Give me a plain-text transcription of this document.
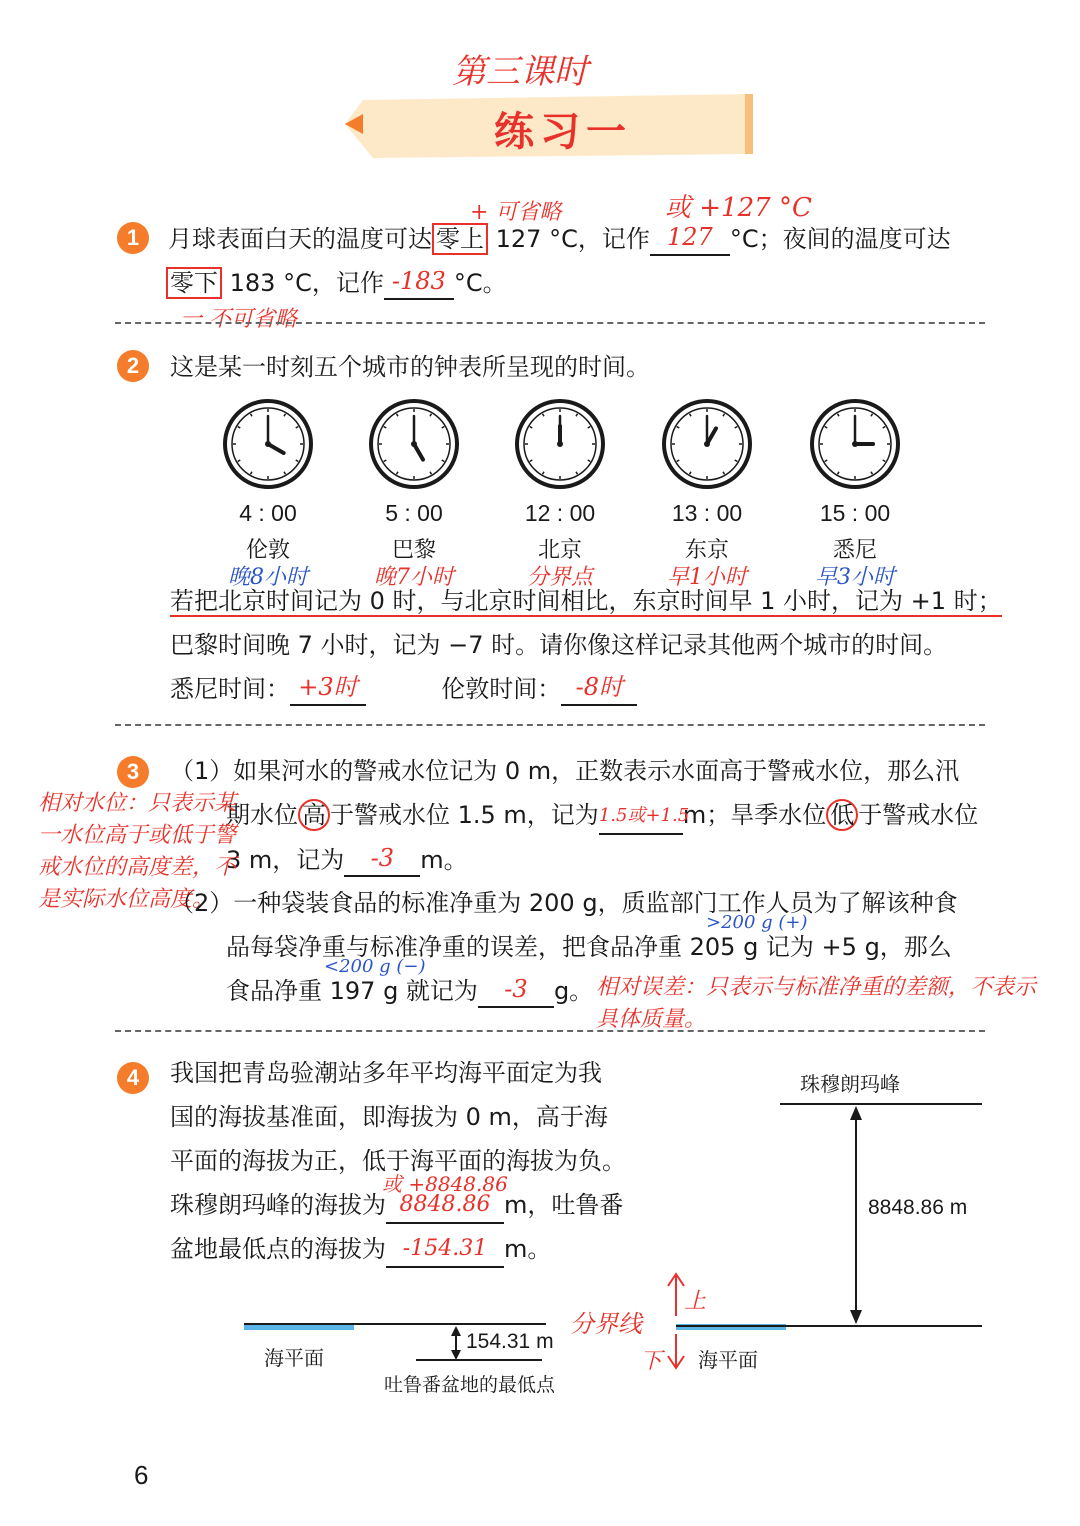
第三课时
练习一
1
+ 可省略	或 +127 °C
月球表面白天的温度可达 零上 127 °C，记作 127 °C；夜间的温度可达
零下 183 °C，记作 -183 °C。
一 不可省略
2	这是某一时刻五个城市的钟表所呈现的时间。
4 : 00
伦敦
晚8小时
5 : 00
巴黎
晚7小时
12 : 00
北京
分界点
13 : 00
东京
早1小时
15 : 00
悉尼
早3小时
若把北京时间记为 0 时，与北京时间相比，东京时间早 1 小时，记为 +1 时；
巴黎时间晚 7 小时，记为 −7 时。请你像这样记录其他两个城市的时间。
悉尼时间： +3时	伦敦时间： -8时
3	（1）如果河水的警戒水位记为 0 m，正数表示水面高于警戒水位，那么汛
期水位 高 于警戒水位 1.5 m，记为1.5或+1.5m；旱季水位 低 于警戒水位
3 m，记为 -3 m。
相对水位：只表示某一水位高于或低于警戒水位的高度差，不是实际水位高度。
（2）一种袋装食品的标准净重为 200 g，质监部门工作人员为了解该种食
>200 g (+)
品每袋净重与标准净重的误差，把食品净重 205 g 记为 +5 g，那么
<200 g (−)
食品净重 197 g 就记为 -3 g。 相对误差：只表示与标准净重的差额，不表示具体质量。
4	我国把青岛验潮站多年平均海平面定为我
国的海拔基准面，即海拔为 0 m，高于海
平面的海拔为正，低于海平面的海拔为负。
或 +8848.86
珠穆朗玛峰的海拔为 8848.86 m，吐鲁番
盆地最低点的海拔为 -154.31 m。
珠穆朗玛峰
8848.86 m
海平面	海平面
154.31 m
吐鲁番盆地的最低点
分界线
上
下
6
